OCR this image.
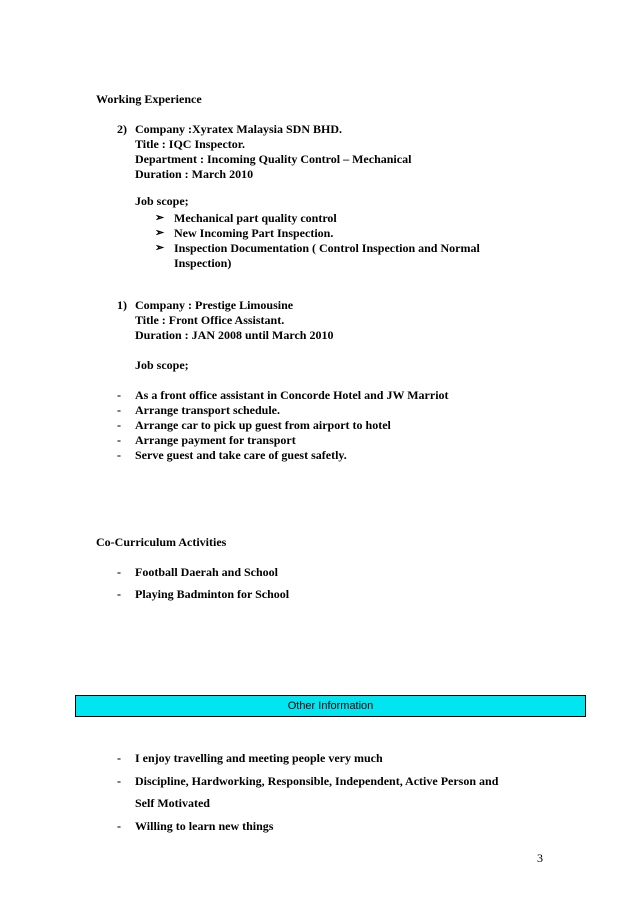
Working Experience
2) Company :Xyratex Malaysia SDN BHD.
Title : IQC Inspector.
Department : Incoming Quality Control – Mechanical
Duration : March 2010
Job scope;
➢ Mechanical part quality control
➢ New Incoming Part Inspection.
➢ Inspection Documentation ( Control Inspection and Normal
Inspection)
1) Company : Prestige Limousine
Title : Front Office Assistant.
Duration : JAN 2008 until March 2010
Job scope;
- As a front office assistant in Concorde Hotel and JW Marriot
- Arrange transport schedule.
- Arrange car to pick up guest from airport to hotel
- Arrange payment for transport
- Serve guest and take care of guest safetly.
Co-Curriculum Activities
- Football Daerah and School
- Playing Badminton for School
Other Information
- I enjoy travelling and meeting people very much
- Discipline, Hardworking, Responsible, Independent, Active Person and
Self Motivated
- Willing to learn new things
3
